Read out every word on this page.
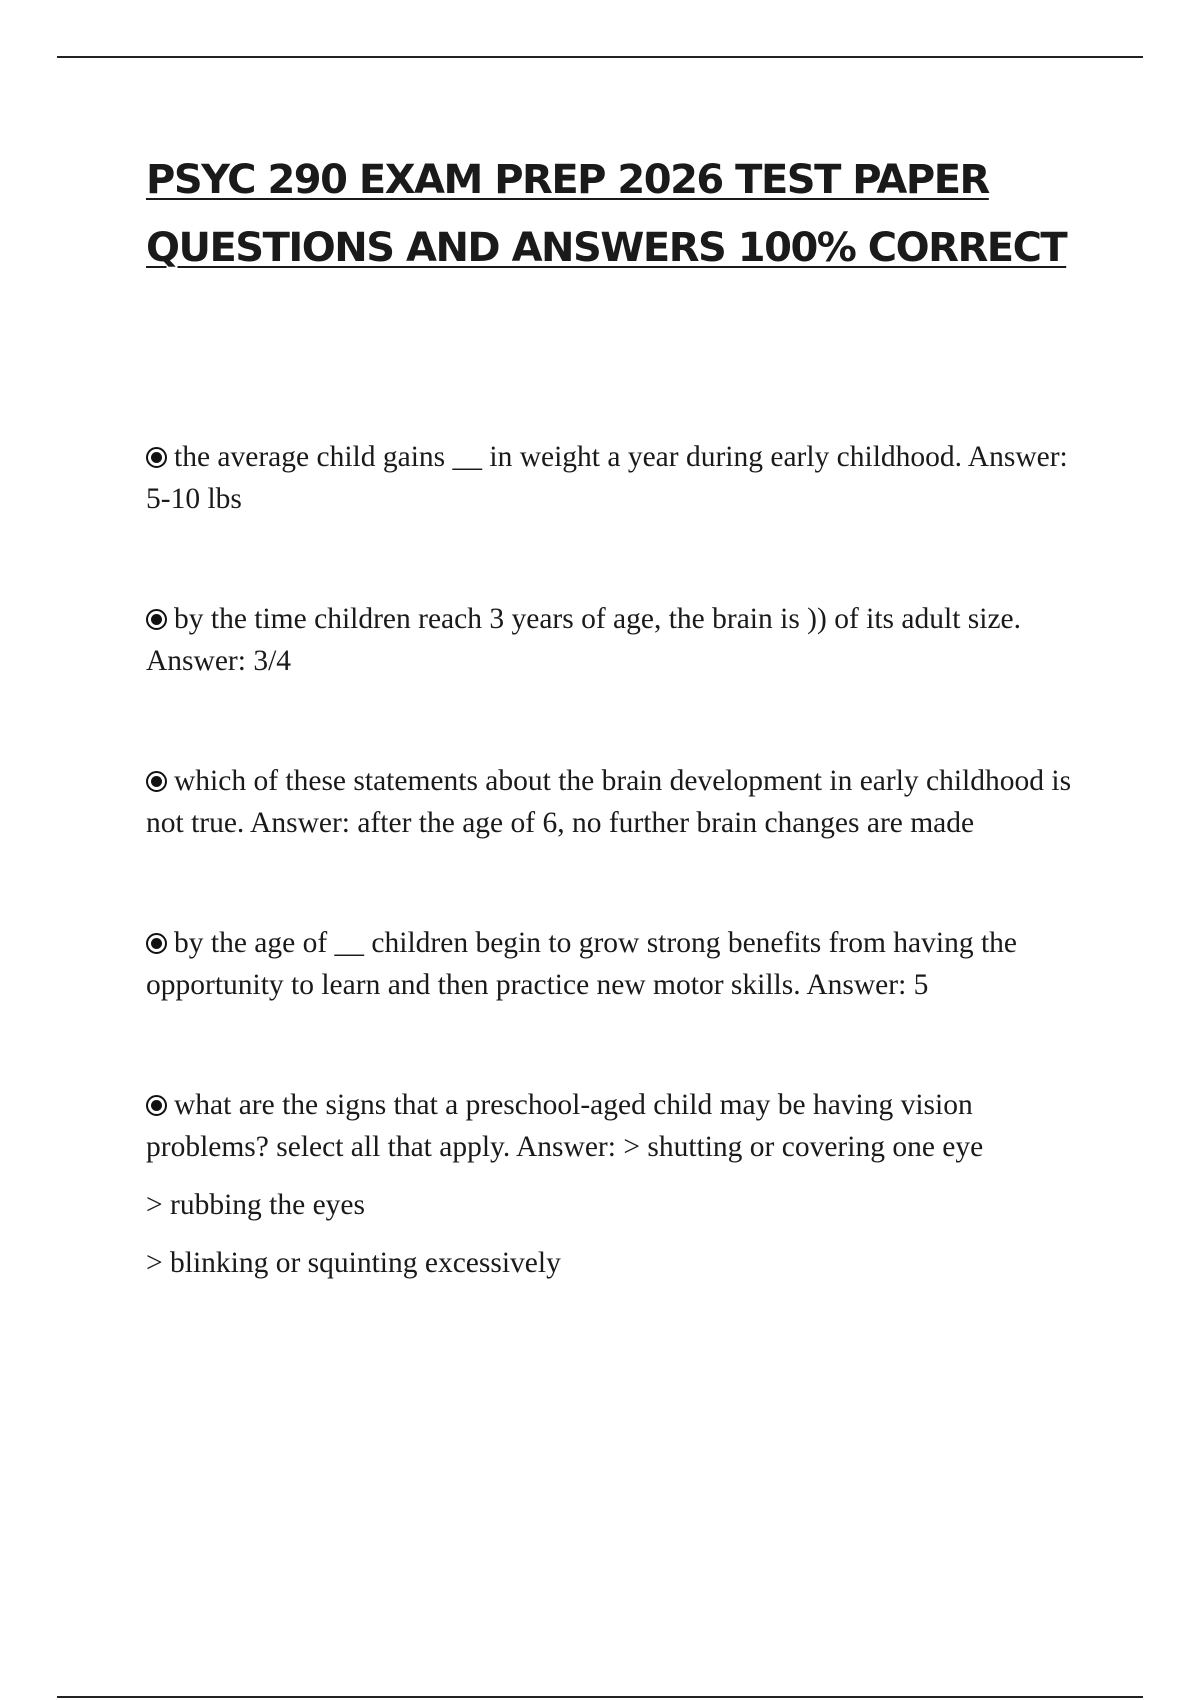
PSYC 290 EXAM PREP 2026 TEST PAPER
QUESTIONS AND ANSWERS 100% CORRECT

the average child gains __ in weight a year during early childhood. Answer: 5-10 lbs

by the time children reach 3 years of age, the brain is )) of its adult size. Answer: 3/4

which of these statements about the brain development in early childhood is not true. Answer: after the age of 6, no further brain changes are made

by the age of __ children begin to grow strong benefits from having the opportunity to learn and then practice new motor skills. Answer: 5

what are the signs that a preschool-aged child may be having vision problems? select all that apply. Answer: > shutting or covering one eye

> rubbing the eyes

> blinking or squinting excessively
